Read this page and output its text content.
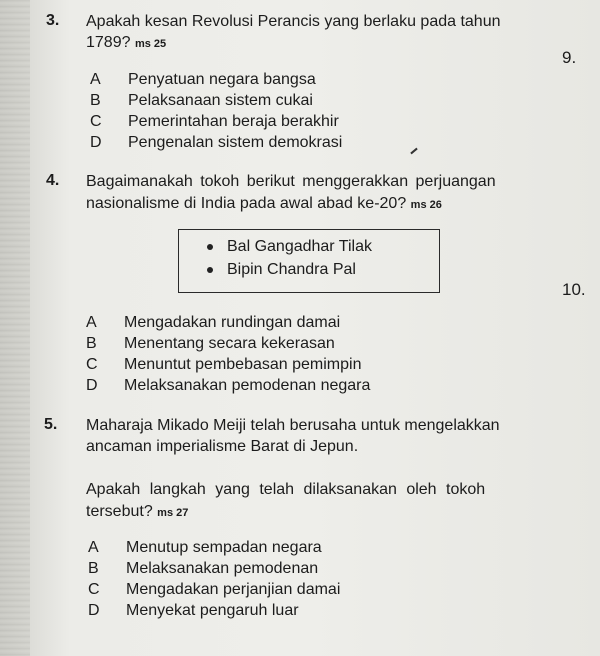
3. Apakah kesan Revolusi Perancis yang berlaku pada tahun
1789? ms 25
9.
A	Penyatuan negara bangsa
B	Pelaksanaan sistem cukai
C	Pemerintahan beraja berakhir
D	Pengenalan sistem demokrasi
4. Bagaimanakah tokoh berikut menggerakkan perjuangan
nasionalisme di India pada awal abad ke-20? ms 26
Bal Gangadhar Tilak
Bipin Chandra Pal
10.
A	Mengadakan rundingan damai
B	Menentang secara kekerasan
C	Menuntut pembebasan pemimpin
D	Melaksanakan pemodenan negara
5. Maharaja Mikado Meiji telah berusaha untuk mengelakkan
ancaman imperialisme Barat di Jepun.
Apakah langkah yang telah dilaksanakan oleh tokoh
tersebut? ms 27
A	Menutup sempadan negara
B	Melaksanakan pemodenan
C	Mengadakan perjanjian damai
D	Menyekat pengaruh luar
